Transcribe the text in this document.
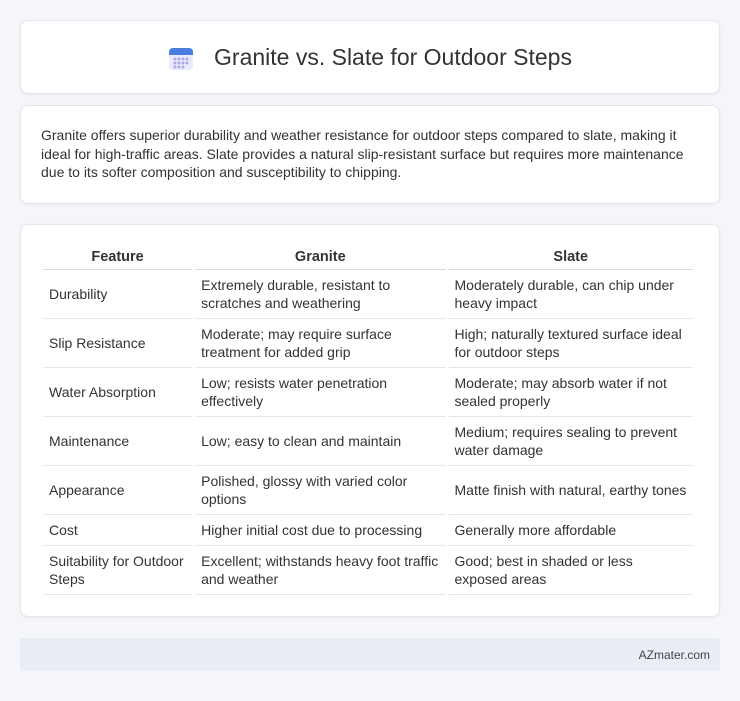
Granite vs. Slate for Outdoor Steps

Granite offers superior durability and weather resistance for outdoor steps compared to slate, making it ideal for high-traffic areas. Slate provides a natural slip-resistant surface but requires more maintenance due to its softer composition and susceptibility to chipping.

Feature	Granite	Slate
Durability	Extremely durable, resistant to scratches and weathering	Moderately durable, can chip under heavy impact
Slip Resistance	Moderate; may require surface treatment for added grip	High; naturally textured surface ideal for outdoor steps
Water Absorption	Low; resists water penetration effectively	Moderate; may absorb water if not sealed properly
Maintenance	Low; easy to clean and maintain	Medium; requires sealing to prevent water damage
Appearance	Polished, glossy with varied color options	Matte finish with natural, earthy tones
Cost	Higher initial cost due to processing	Generally more affordable
Suitability for Outdoor Steps	Excellent; withstands heavy foot traffic and weather	Good; best in shaded or less exposed areas
AZmater.com
